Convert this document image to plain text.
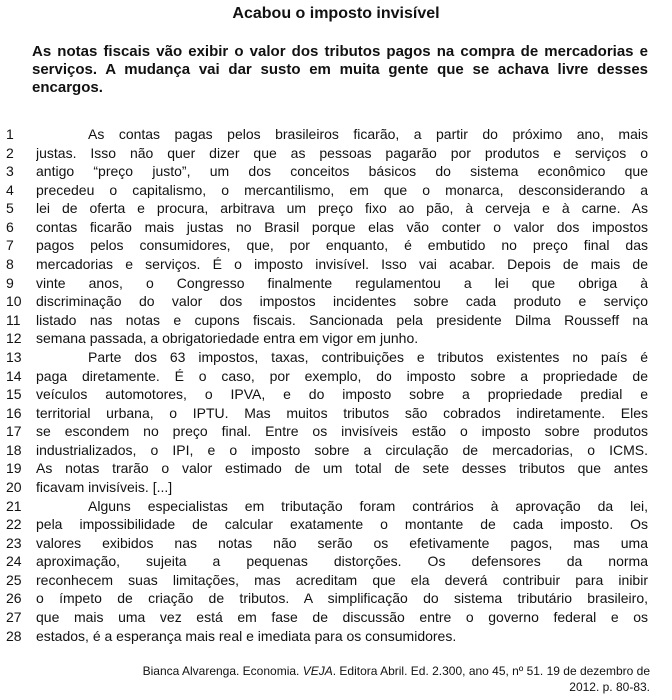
Acabou o imposto invisível
As notas fiscais vão exibir o valor dos tributos pagos na compra de mercadorias e serviços. A mudança vai dar susto em muita gente que se achava livre desses encargos.
1	As contas pagas pelos brasileiros ficarão, a partir do próximo ano, mais
2	justas. Isso não quer dizer que as pessoas pagarão por produtos e serviços o
3	antigo “preço justo”, um dos conceitos básicos do sistema econômico que
4	precedeu o capitalismo, o mercantilismo, em que o monarca, desconsiderando a
5	lei de oferta e procura, arbitrava um preço fixo ao pão, à cerveja e à carne. As
6	contas ficarão mais justas no Brasil porque elas vão conter o valor dos impostos
7	pagos pelos consumidores, que, por enquanto, é embutido no preço final das
8	mercadorias e serviços. É o imposto invisível. Isso vai acabar. Depois de mais de
9	vinte anos, o Congresso finalmente regulamentou a lei que obriga à
10	discriminação do valor dos impostos incidentes sobre cada produto e serviço
11	listado nas notas e cupons fiscais. Sancionada pela presidente Dilma Rousseff na
12	semana passada, a obrigatoriedade entra em vigor em junho.
13	Parte dos 63 impostos, taxas, contribuições e tributos existentes no país é
14	paga diretamente. É o caso, por exemplo, do imposto sobre a propriedade de
15	veículos automotores, o IPVA, e do imposto sobre a propriedade predial e
16	territorial urbana, o IPTU. Mas muitos tributos são cobrados indiretamente. Eles
17	se escondem no preço final. Entre os invisíveis estão o imposto sobre produtos
18	industrializados, o IPI, e o imposto sobre a circulação de mercadorias, o ICMS.
19	As notas trarão o valor estimado de um total de sete desses tributos que antes
20	ficavam invisíveis. [...]
21	Alguns especialistas em tributação foram contrários à aprovação da lei,
22	pela impossibilidade de calcular exatamente o montante de cada imposto. Os
23	valores exibidos nas notas não serão os efetivamente pagos, mas uma
24	aproximação, sujeita a pequenas distorções. Os defensores da norma
25	reconhecem suas limitações, mas acreditam que ela deverá contribuir para inibir
26	o ímpeto de criação de tributos. A simplificação do sistema tributário brasileiro,
27	que mais uma vez está em fase de discussão entre o governo federal e os
28	estados, é a esperança mais real e imediata para os consumidores.
Bianca Alvarenga. Economia. VEJA. Editora Abril. Ed. 2.300, ano 45, nº 51. 19 de dezembro de 2012. p. 80-83.
